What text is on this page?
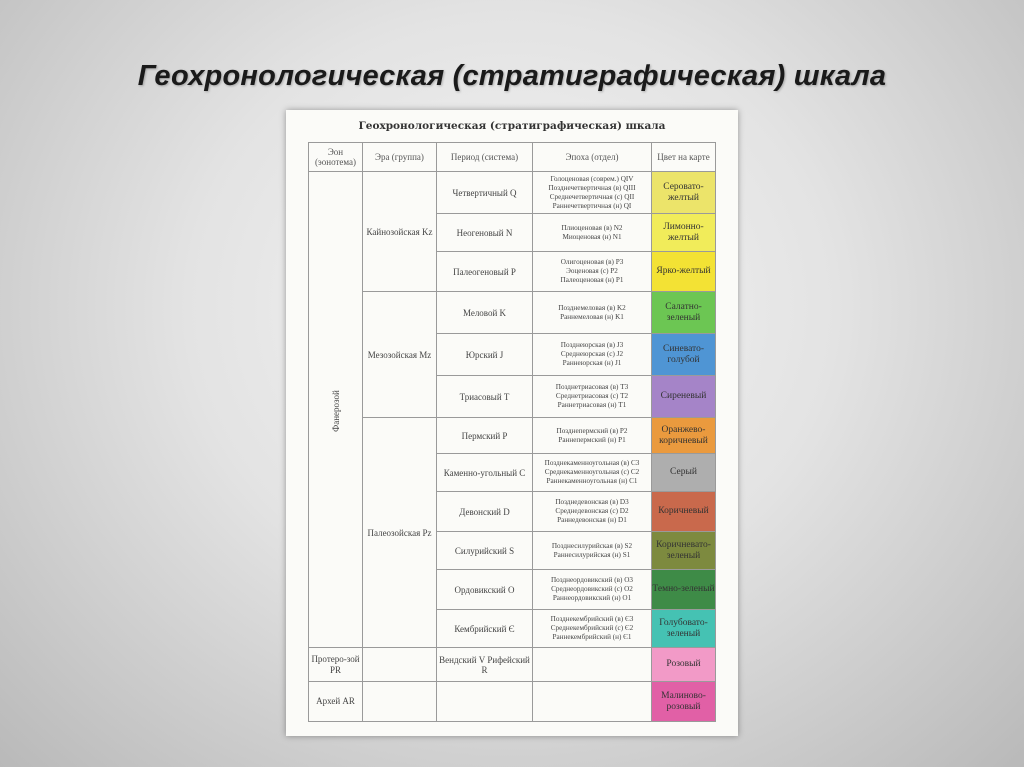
Геохронологическая (стратиграфическая) шкала
Геохронологическая (стратиграфическая) шкала
Эон (эонотема)	Эра (группа)	Период (система)	Эпоха (отдел)	Цвет на карте
Фанерозой	Кайнозойская Kz	Четвертичный Q	Голоценовая (соврем.) QIV
Позднечетвертичная (в) QIII
Среднечетвертичная (с) QII
Раннечетвертичная (н) QI	Серовато-желтый
		Неогеновый N	Плиоценовая (в) N2
Миоценовая (н) N1	Лимонно-желтый
		Палеогеновый P	Олигоценовая (в) P3
Эоценовая (с) P2
Палеоценовая (н) P1	Ярко-желтый
	Мезозойская Mz	Меловой K	Позднемеловая (в) K2
Раннемеловая (н) K1	Салатно-зеленый
		Юрский J	Позднеюрская (в) J3
Среднеюрская (с) J2
Раннеюрская (н) J1	Синевато-голубой
		Триасовый T	Позднетриасовая (в) T3
Среднетриасовая (с) T2
Раннетриасовая (н) T1	Сиреневый
	Палеозойская Pz	Пермский P	Позднепермский (в) P2
Раннепермский (н) P1	Оранжево-коричневый
		Каменно-угольный C	Позднекаменноугольная (в) C3
Среднекаменноугольная (с) C2
Раннекаменноугольная (н) C1	Серый
		Девонский D	Позднедевонская (в) D3
Среднедевонская (с) D2
Раннедевонская (н) D1	Коричневый
		Силурийский S	Позднесилурийская (в) S2
Раннесилурийская (н) S1	Коричневато-зеленый
		Ордовикский O	Позднеордовикский (в) O3
Среднеордовикский (с) O2
Раннеордовикский (н) O1	Темно-зеленый
		Кембрийский Є	Позднекембрийский (в) Є3
Среднекембрийский (с) Є2
Раннекембрийский (н) Є1	Голубовато-зеленый
Протеро-зой PR		Вендский V Рифейский R		Розовый
Архей AR				Малиново-розовый
